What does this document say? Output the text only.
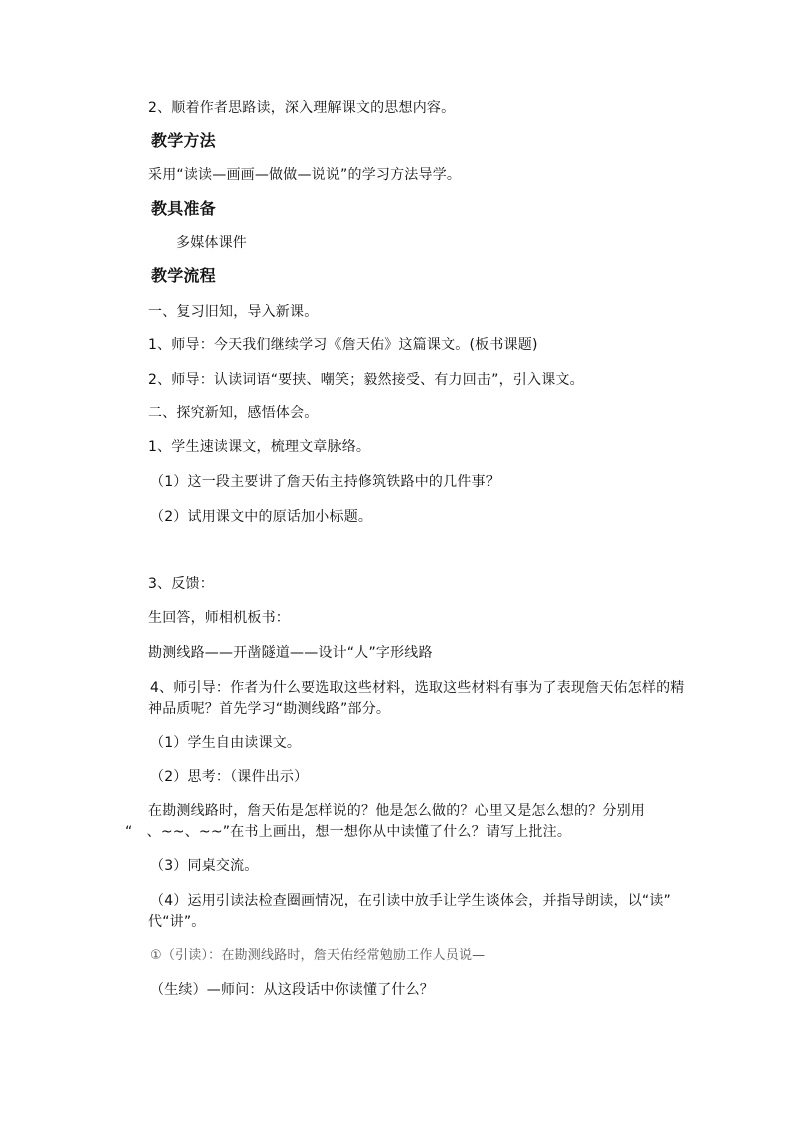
2、顺着作者思路读，深入理解课文的思想内容。
教学方法
采用“读读—画画—做做—说说”的学习方法导学。
教具准备
多媒体课件
教学流程
一、复习旧知，导入新课。
1、师导：今天我们继续学习《詹天佑》这篇课文。(板书课题)
2、师导：认读词语“要挟、嘲笑；毅然接受、有力回击”，引入课文。
二、探究新知，感悟体会。
1、学生速读课文，梳理文章脉络。
（1）这一段主要讲了詹天佑主持修筑铁路中的几件事？
（2）试用课文中的原话加小标题。
3、反馈：
生回答，师相机板书：
勘测线路——开凿隧道——设计“人”字形线路
4、师引导：作者为什么要选取这些材料，选取这些材料有事为了表现詹天佑怎样的精
神品质呢？首先学习“勘测线路”部分。
（1）学生自由读课文。
（2）思考：（课件出示）
在勘测线路时，詹天佑是怎样说的？他是怎么做的？心里又是怎么想的？分别用
“　、~~、~~”在书上画出，想一想你从中读懂了什么？请写上批注。
（3）同桌交流。
（4）运用引读法检查圈画情况，在引读中放手让学生谈体会，并指导朗读，以“读”
代“讲”。
①（引读）：在勘测线路时，詹天佑经常勉励工作人员说—
（生续）—师问：从这段话中你读懂了什么？
